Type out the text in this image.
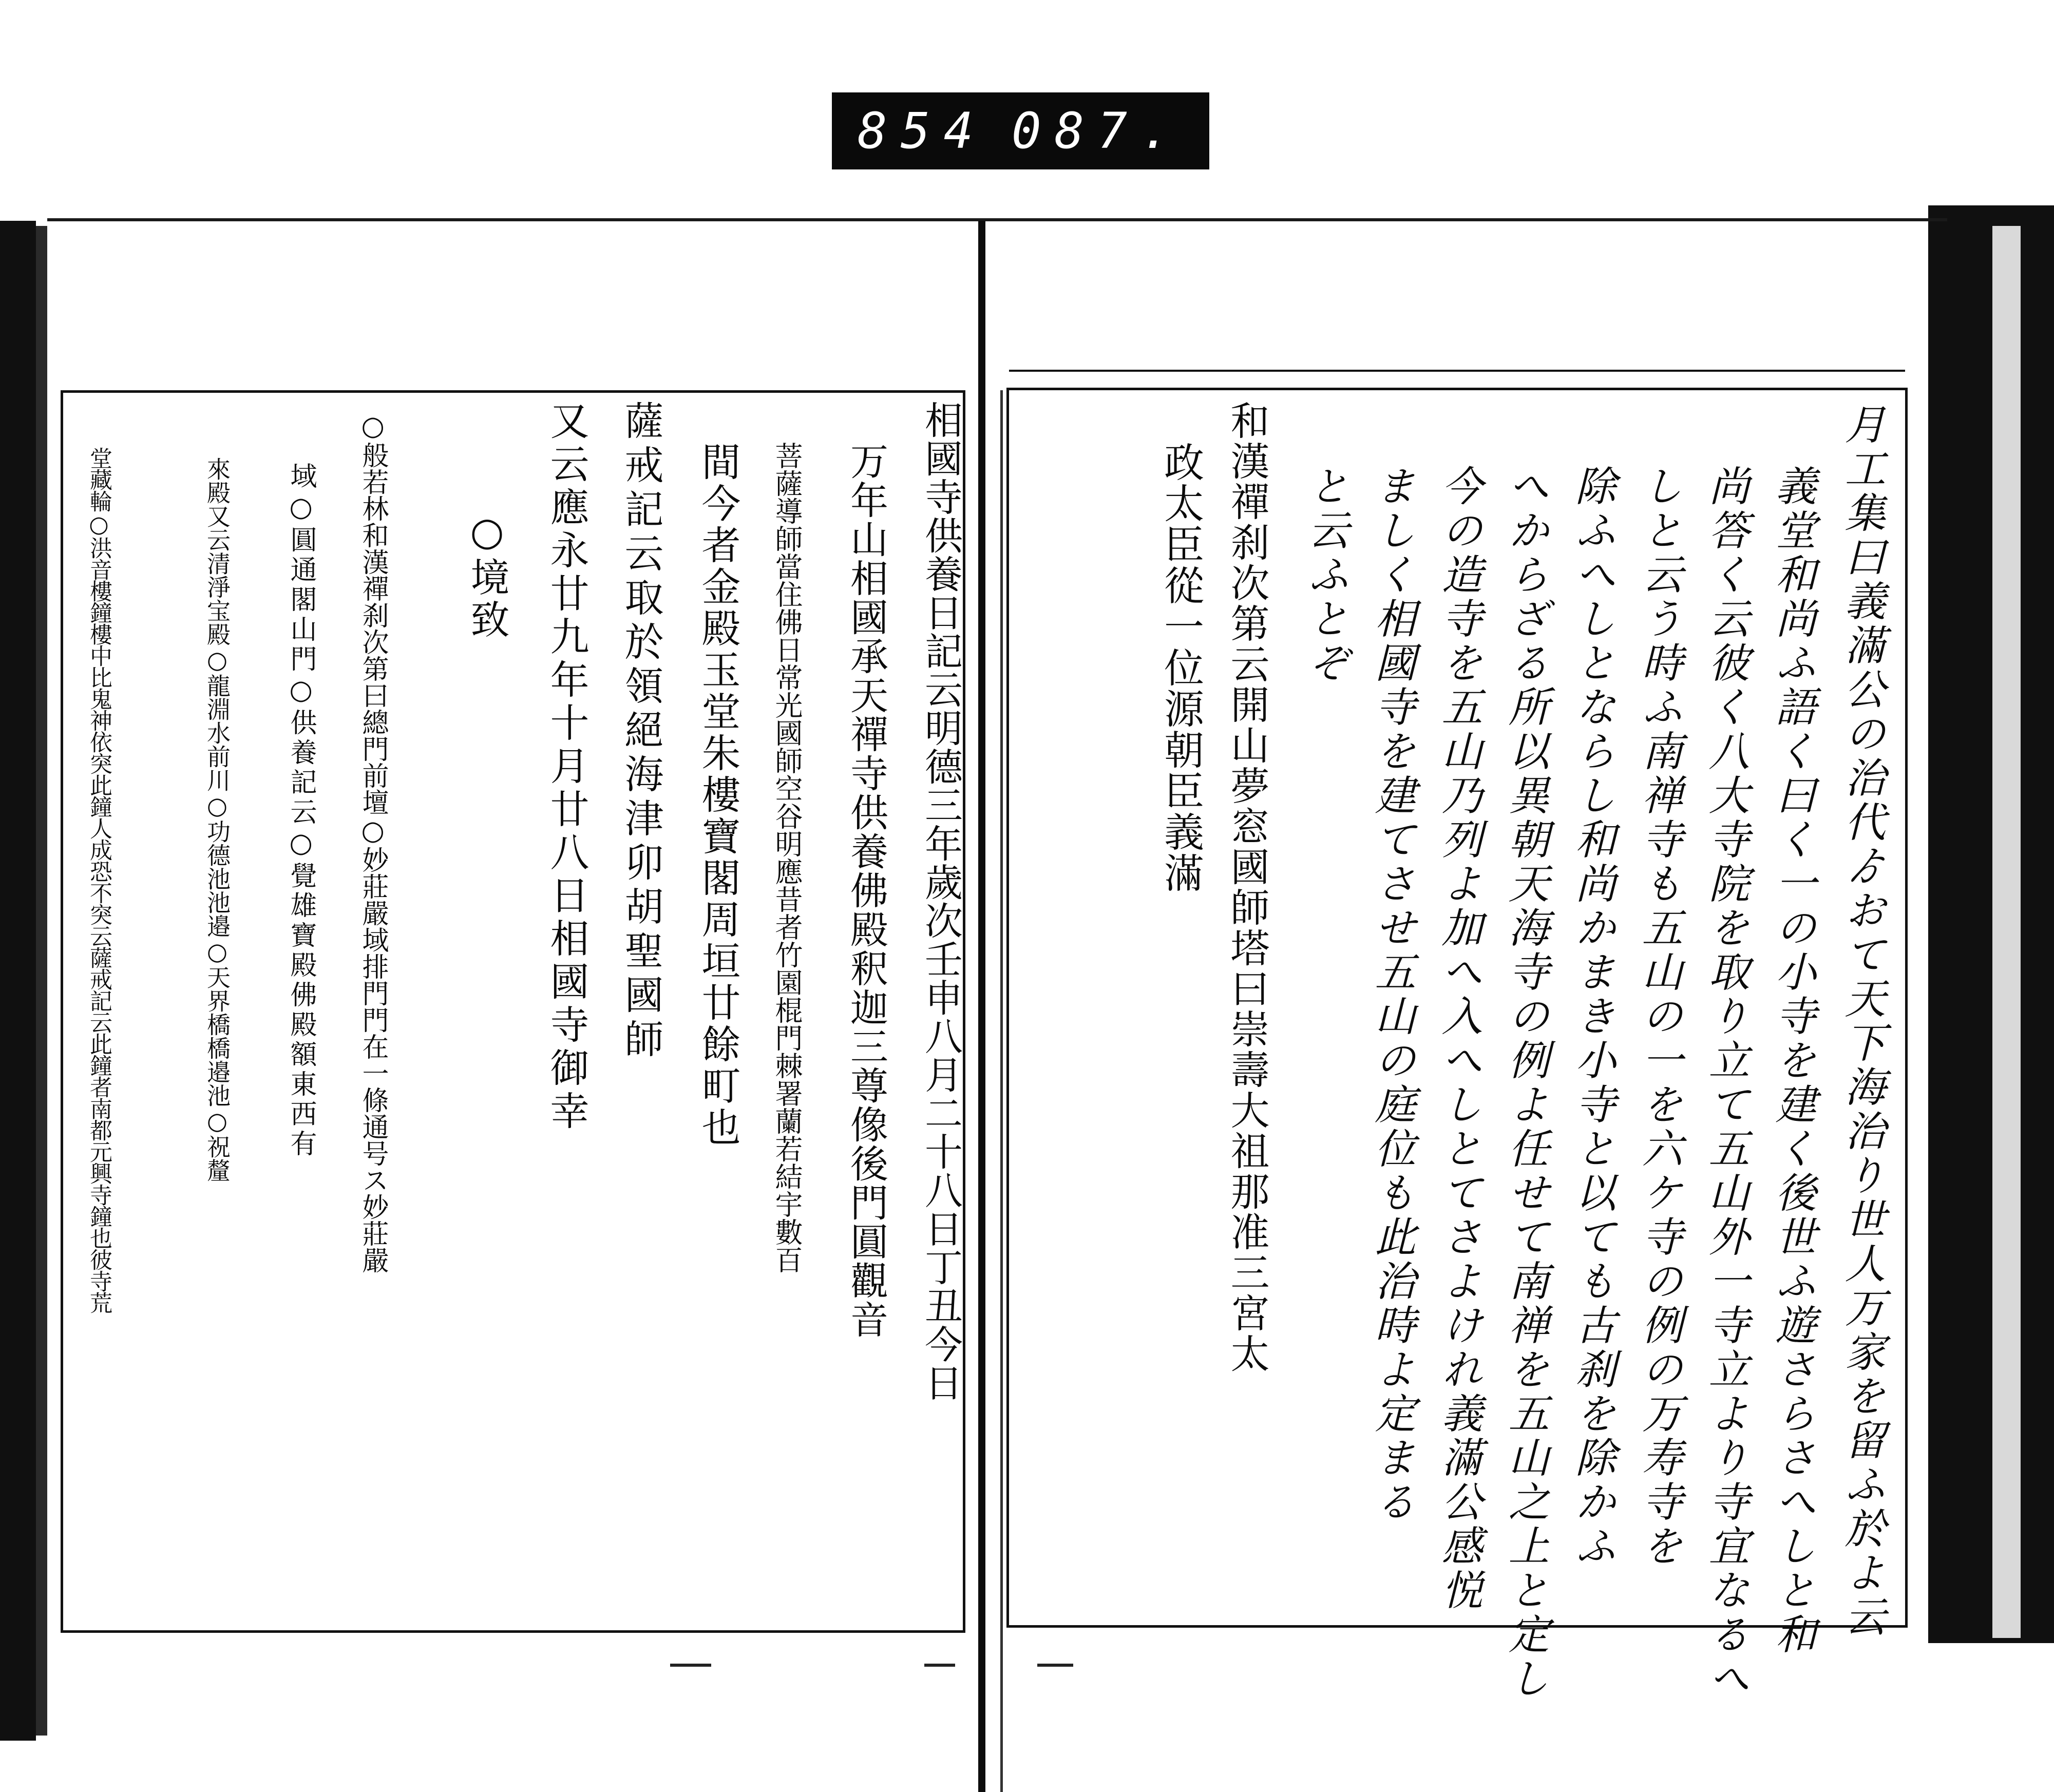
854 087.
月工集曰義滿公の治代ゟおて天下海治り世人万家を留ふ於よ云
義堂和尚ふ語く曰く一の小寺を建く後世ふ遊さらさへしと和
尚答く云彼く八大寺院を取り立て五山外一寺立より寺宜なるへ
しと云う時ふ南禅寺も五山の一を六ケ寺の例の万寿寺を
除ふへしとならし和尚かまき小寺と以ても古刹を除かふ
へからざる所以異朝天海寺の例よ任せて南禅を五山之上と定し
今の造寺を五山乃列よ加へ入へしとてさよけれ義滿公感悦
ましく相國寺を建てさせ五山の庭位も此治時よ定まる
と云ふとぞ
和漢禪刹次第云開山夢窓國師塔曰崇壽大祖那准三宮太
政太臣從一位源朝臣義滿
相國寺供養日記云明德三年歲次壬申八月二十八日丁丑今日
万年山相國承天禪寺供養佛殿釈迦三尊像後門圓觀音
菩薩導師當住佛日常光國師空谷明應昔者竹園棍門棘署蘭若結宇數百
間今者金殿玉堂朱樓寶閣周垣廿餘町也
薩戒記云取於領絕海津卯胡聖國師
又云應永廿九年十月廿八日相國寺御幸
○境致
○般若林和漢禪刹次第曰總門前壇○妙莊嚴域排門門在一條通号ス妙莊嚴
域○圓通閣山門○供養記云○覺雄寶殿佛殿額東西有
來殿又云清淨宝殿○龍淵水前川○功德池池邉○天界橋橋邉池○祝釐
堂藏輪○洪音樓鐘樓中比鬼神依突此鐘人成恐不突云薩戒記云此鐘者南都元興寺鐘也彼寺荒
